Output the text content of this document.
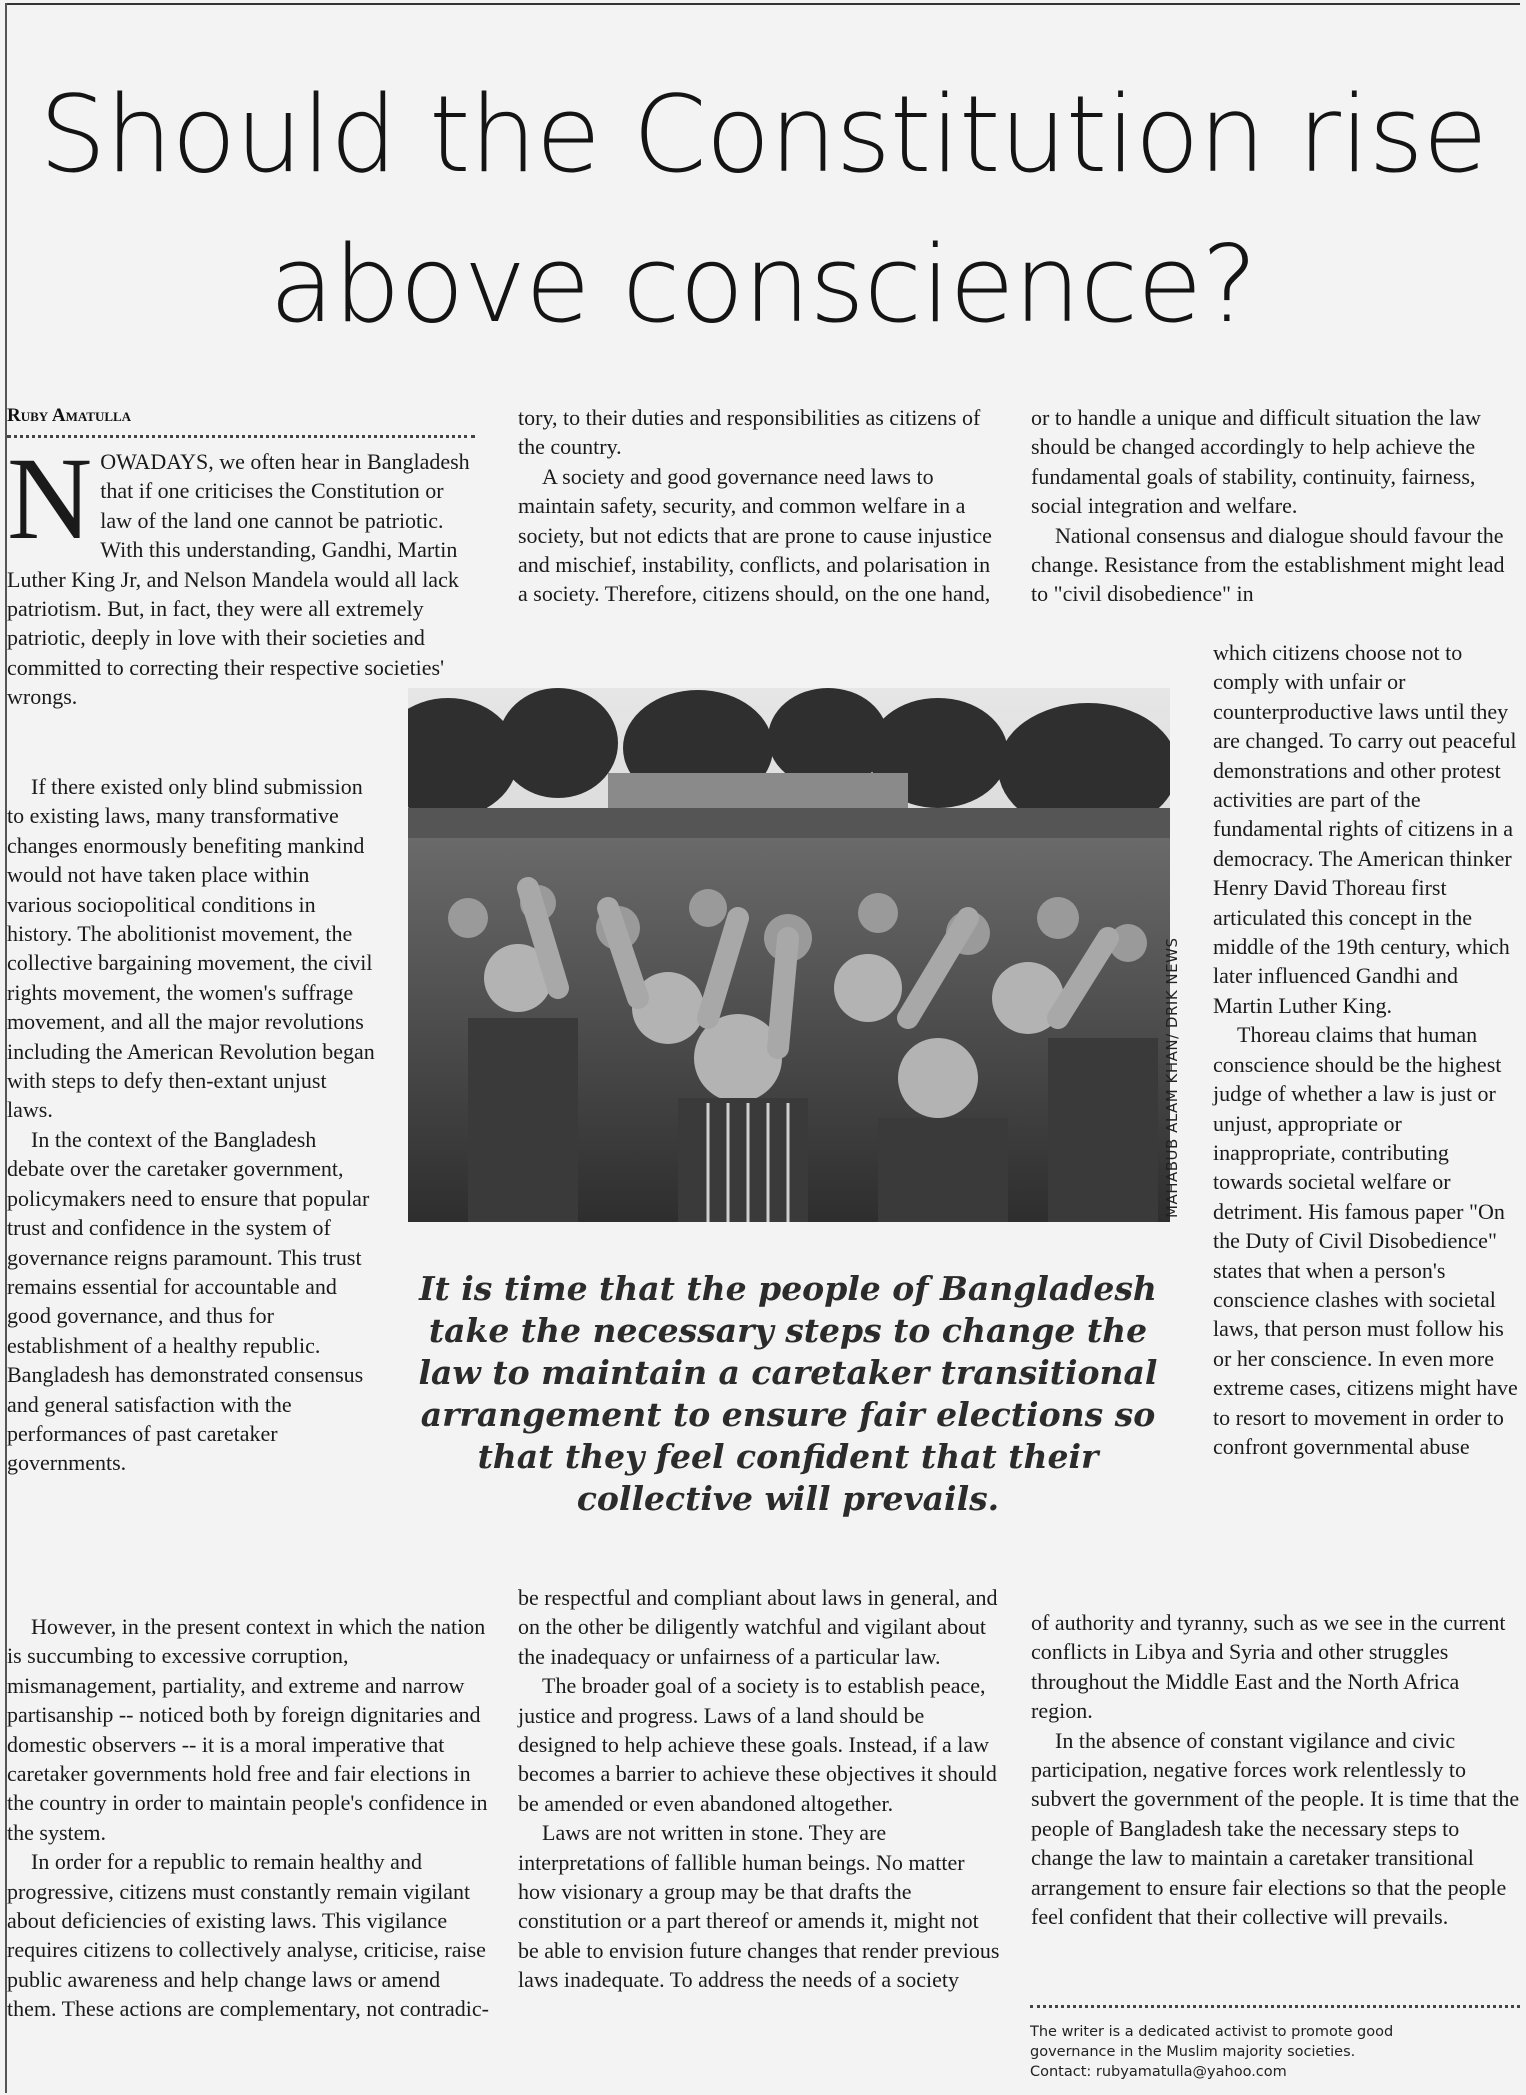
Should the Constitution rise
above conscience?
Ruby Amatulla

NOWADAYS, we often hear in Bangladesh that if one criticises the Constitution or law of the land one cannot be patriotic. With this understanding, Gandhi, Martin Luther King Jr, and Nelson Mandela would all lack patriotism. But, in fact, they were all extremely patriotic, deeply in love with their societies and committed to correcting their respective societies' wrongs.

If there existed only blind submission to existing laws, many transformative changes enormously benefiting mankind would not have taken place within various sociopolitical conditions in history. The abolitionist movement, the collective bargaining movement, the civil rights movement, the women's suffrage movement, and all the major revolutions including the American Revolution began with steps to defy then-extant unjust laws.

In the context of the Bangladesh debate over the caretaker government, policymakers need to ensure that popular trust and confidence in the system of governance reigns paramount. This trust remains essential for accountable and good governance, and thus for establishment of a healthy republic. Bangladesh has demonstrated consensus and general satisfaction with the performances of past caretaker governments.

However, in the present context in which the nation is succumbing to excessive corruption, mismanagement, partiality, and extreme and narrow partisanship -- noticed both by foreign dignitaries and domestic observers -- it is a moral imperative that caretaker governments hold free and fair elections in the country in order to maintain people's confidence in the system.

In order for a republic to remain healthy and progressive, citizens must constantly remain vigilant about deficiencies of existing laws. This vigilance requires citizens to collectively analyse, criticise, raise public awareness and help change laws or amend them. These actions are complementary, not contradic-

tory, to their duties and responsibilities as citizens of the country.

A society and good governance need laws to maintain safety, security, and common welfare in a society, but not edicts that are prone to cause injustice and mischief, instability, conflicts, and polarisation in a society. Therefore, citizens should, on the one hand,

be respectful and compliant about laws in general, and on the other be diligently watchful and vigilant about the inadequacy or unfairness of a particular law.

The broader goal of a society is to establish peace, justice and progress. Laws of a land should be designed to help achieve these goals. Instead, if a law becomes a barrier to achieve these objectives it should be amended or even abandoned altogether.

Laws are not written in stone. They are interpretations of fallible human beings. No matter how visionary a group may be that drafts the constitution or a part thereof or amends it, might not be able to envision future changes that render previous laws inadequate. To address the needs of a society

or to handle a unique and difficult situation the law should be changed accordingly to help achieve the fundamental goals of stability, continuity, fairness, social integration and welfare.

National consensus and dialogue should favour the change. Resistance from the establishment might lead to "civil disobedience" in

which citizens choose not to comply with unfair or counterproductive laws until they are changed. To carry out peaceful demonstrations and other protest activities are part of the fundamental rights of citizens in a democracy. The American thinker Henry David Thoreau first articulated this concept in the middle of the 19th century, which later influenced Gandhi and Martin Luther King.

Thoreau claims that human conscience should be the highest judge of whether a law is just or unjust, appropriate or inappropriate, contributing towards societal welfare or detriment. His famous paper "On the Duty of Civil Disobedience" states that when a person's conscience clashes with societal laws, that person must follow his or her conscience. In even more extreme cases, citizens might have to resort to movement in order to confront governmental abuse

of authority and tyranny, such as we see in the current conflicts in Libya and Syria and other struggles throughout the Middle East and the North Africa region.

In the absence of constant vigilance and civic participation, negative forces work relentlessly to subvert the government of the people. It is time that the people of Bangladesh take the necessary steps to change the law to maintain a caretaker transitional arrangement to ensure fair elections so that the people feel confident that their collective will prevails.

MAHABUB ALAM KHAN/ DRIK NEWS
It is time that the people of Bangladesh take the necessary steps to change the law to maintain a caretaker transitional arrangement to ensure fair elections so that they feel confident that their collective will prevails.
The writer is a dedicated activist to promote good
governance in the Muslim majority societies.
Contact: rubyamatulla@yahoo.com
